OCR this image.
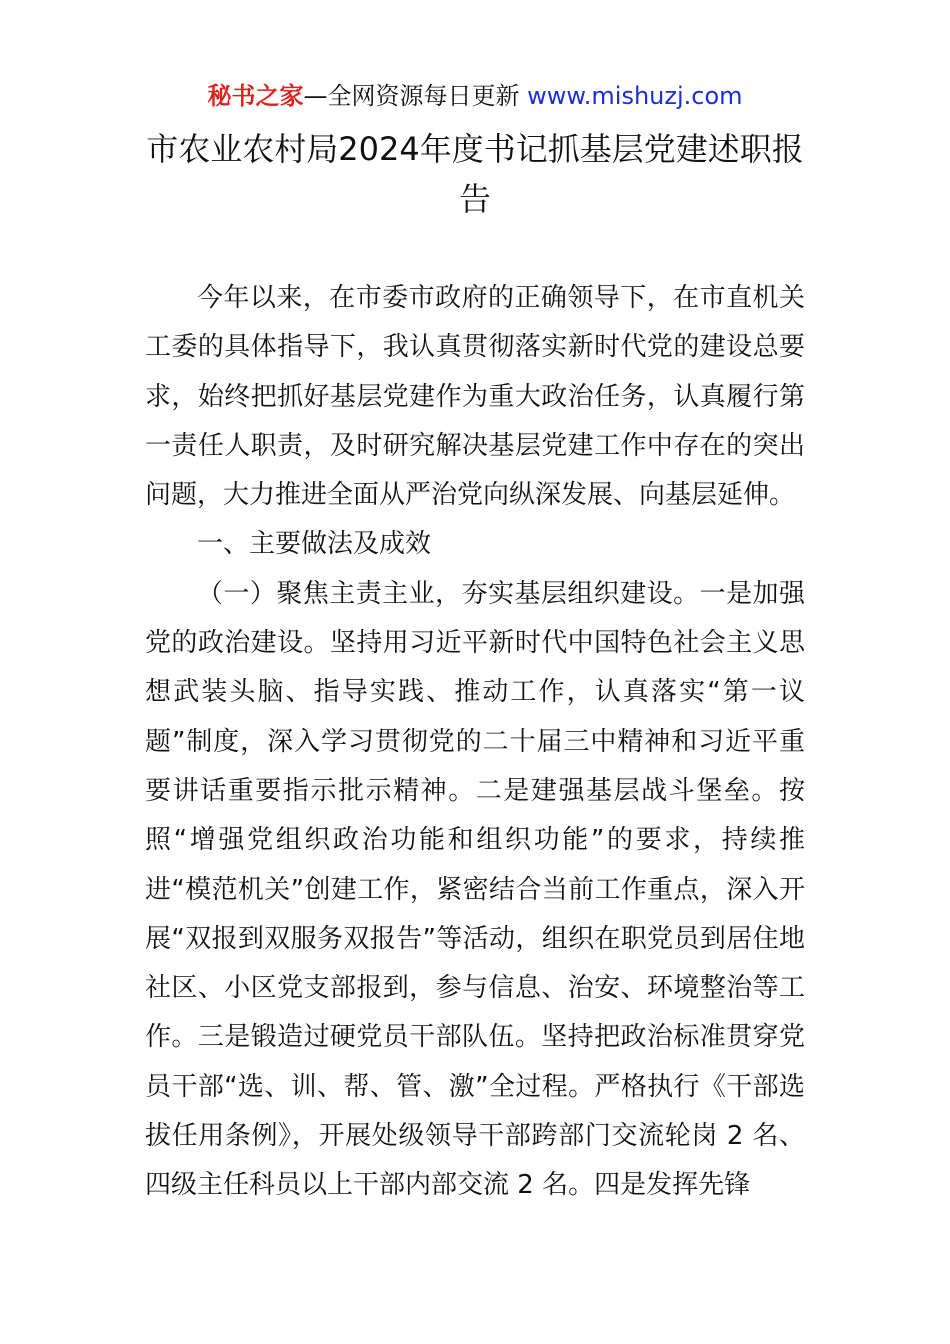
秘书之家—全网资源每日更新 www.mishuzj.com
市农业农村局2024年度书记抓基层党建述职报告

今年以来，在市委市政府的正确领导下，在市直机关工委的具体指导下，我认真贯彻落实新时代党的建设总要求，始终把抓好基层党建作为重大政治任务，认真履行第一责任人职责，及时研究解决基层党建工作中存在的突出问题，大力推进全面从严治党向纵深发展、向基层延伸。

一、主要做法及成效

（一）聚焦主责主业，夯实基层组织建设。一是加强党的政治建设。坚持用习近平新时代中国特色社会主义思想武装头脑、指导实践、推动工作，认真落实“第一议题”制度，深入学习贯彻党的二十届三中精神和习近平重要讲话重要指示批示精神。二是建强基层战斗堡垒。按照“增强党组织政治功能和组织功能”的要求，持续推进“模范机关”创建工作，紧密结合当前工作重点，深入开展“双报到双服务双报告”等活动，组织在职党员到居住地社区、小区党支部报到，参与信息、治安、环境整治等工作。三是锻造过硬党员干部队伍。坚持把政治标准贯穿党员干部“选、训、帮、管、激”全过程。严格执行《干部选拔任用条例》，开展处级领导干部跨部门交流轮岗 2 名、四级主任科员以上干部内部交流 2 名。四是发挥先锋
